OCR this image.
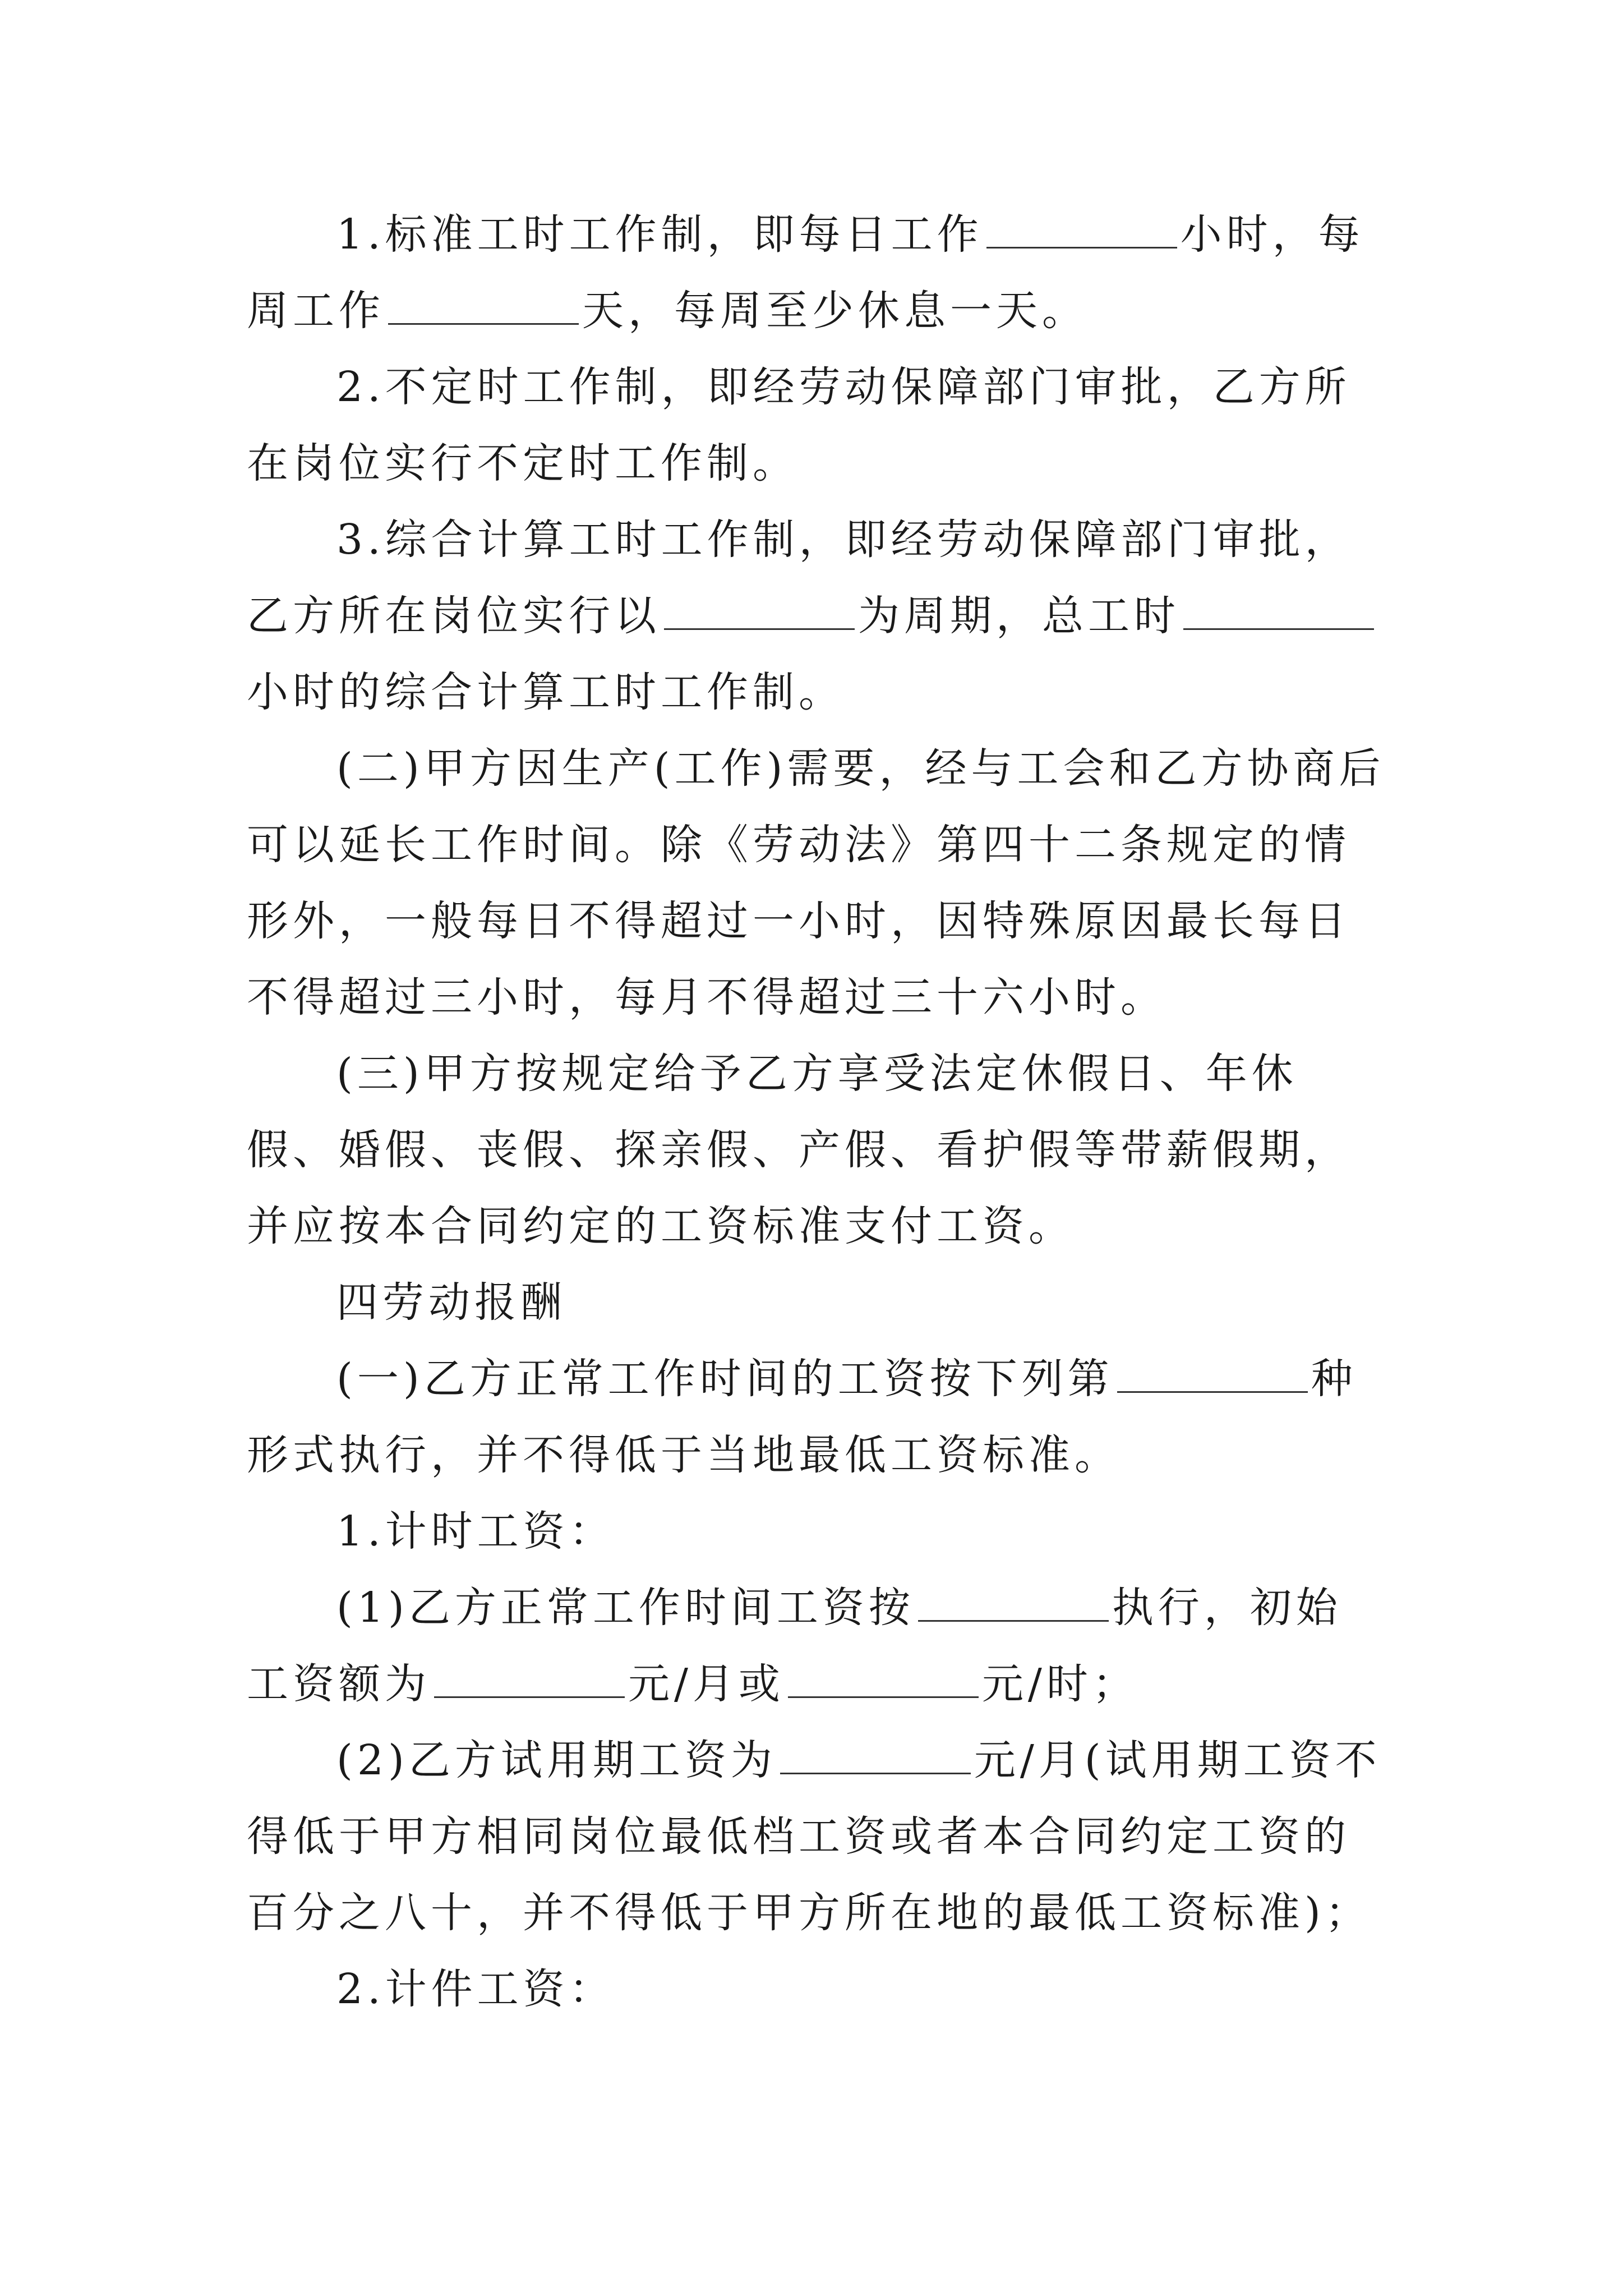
1.标准工时工作制，即每日工作	小时，每周工作	天，每周至少休息一天。

2.不定时工作制，即经劳动保障部门审批，乙方所在岗位实行不定时工作制。

3.综合计算工时工作制，即经劳动保障部门审批，乙方所在岗位实行以	为周期，总工时小时的综合计算工时工作制。

(二)甲方因生产(工作)需要，经与工会和乙方协商后可以延长工作时间。除《劳动法》第四十二条规定的情形外，一般每日不得超过一小时，因特殊原因最长每日不得超过三小时，每月不得超过三十六小时。

(三)甲方按规定给予乙方享受法定休假日、年休假、婚假、丧假、探亲假、产假、看护假等带薪假期，并应按本合同约定的工资标准支付工资。

四劳动报酬

(一)乙方正常工作时间的工资按下列第	种形式执行，并不得低于当地最低工资标准。

1.计时工资：

(1)乙方正常工作时间工资按	执行，初始工资额为	元/月或	元/时；

(2)乙方试用期工资为	元/月(试用期工资不得低于甲方相同岗位最低档工资或者本合同约定工资的百分之八十，并不得低于甲方所在地的最低工资标准)；

2.计件工资：
